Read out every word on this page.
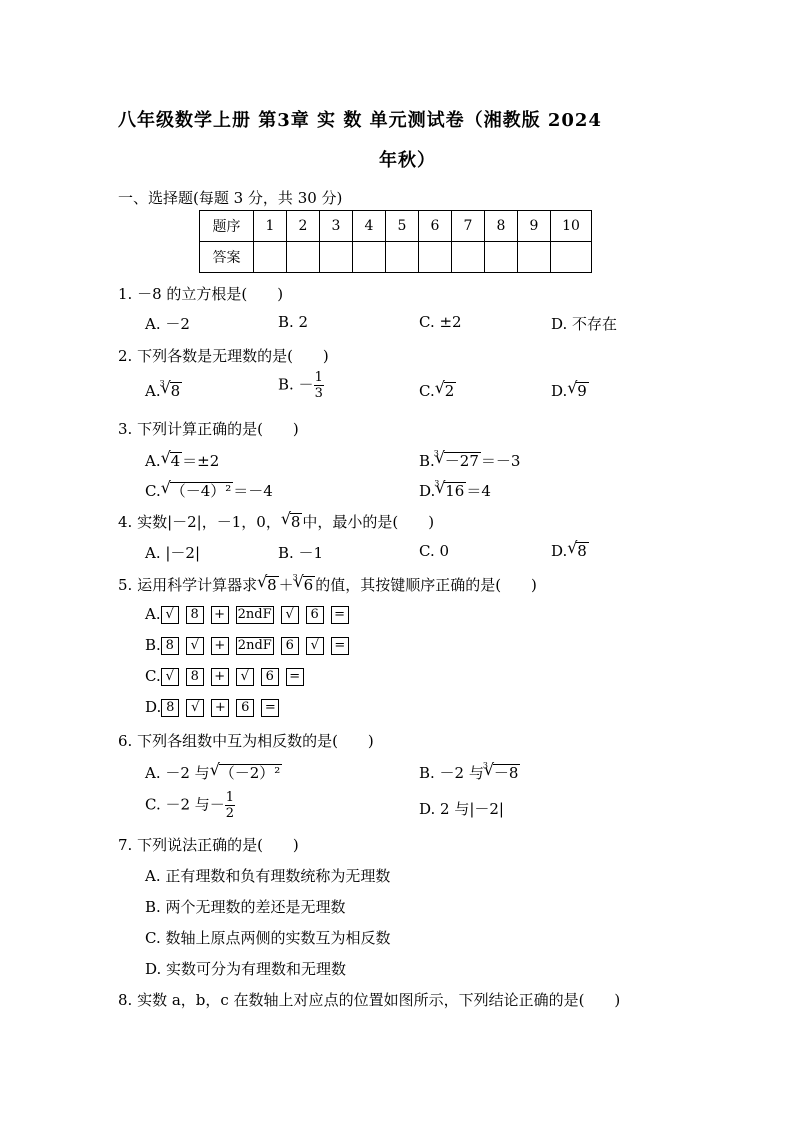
八年级数学上册 第3章 实 数 单元测试卷（湘教版 2024
年秋）
一、选择题(每题 3 分，共 30 分)
题序	1	2	3	4	5	6	7	8	9	10
答案										
1. －8 的立方根是(　　)
A. －2	B. 2	C. ±2	D. 不存在
2. 下列各数是无理数的是(　　)
A. √ 3 8	B. － $\frac{1}{3}$	C. √ 2	D. √ 9
3. 下列计算正确的是(　　)
A. √ 4 ＝±2	B. √ 3 －27 ＝－3
C. √ （－4）² ＝－4	D. √ 3 16 ＝4
4. 实数|－2|，－1，0， √ 8 中，最小的是(　　)
A. |－2|	B. －1	C. 0	D. √ 8
5. 运用科学计算器求 √ 8 ＋ √ 3 6 的值，其按键顺序正确的是(　　)
A. √ 8 + 2ndF √ 6 =
B. 8 √ + 2ndF 6 √ =
C. √ 8 + √ 6 =
D. 8 √ + 6 =
6. 下列各组数中互为相反数的是(　　)
A. －2 与 √ （－2）²	B. －2 与 √ 3 －8
C. －2 与－ $\frac{1}{2}$	D. 2 与|－2|
7. 下列说法正确的是(　　)
A. 正有理数和负有理数统称为无理数
B. 两个无理数的差还是无理数
C. 数轴上原点两侧的实数互为相反数
D. 实数可分为有理数和无理数
8. 实数 a，b，c 在数轴上对应点的位置如图所示，下列结论正确的是(　　)
